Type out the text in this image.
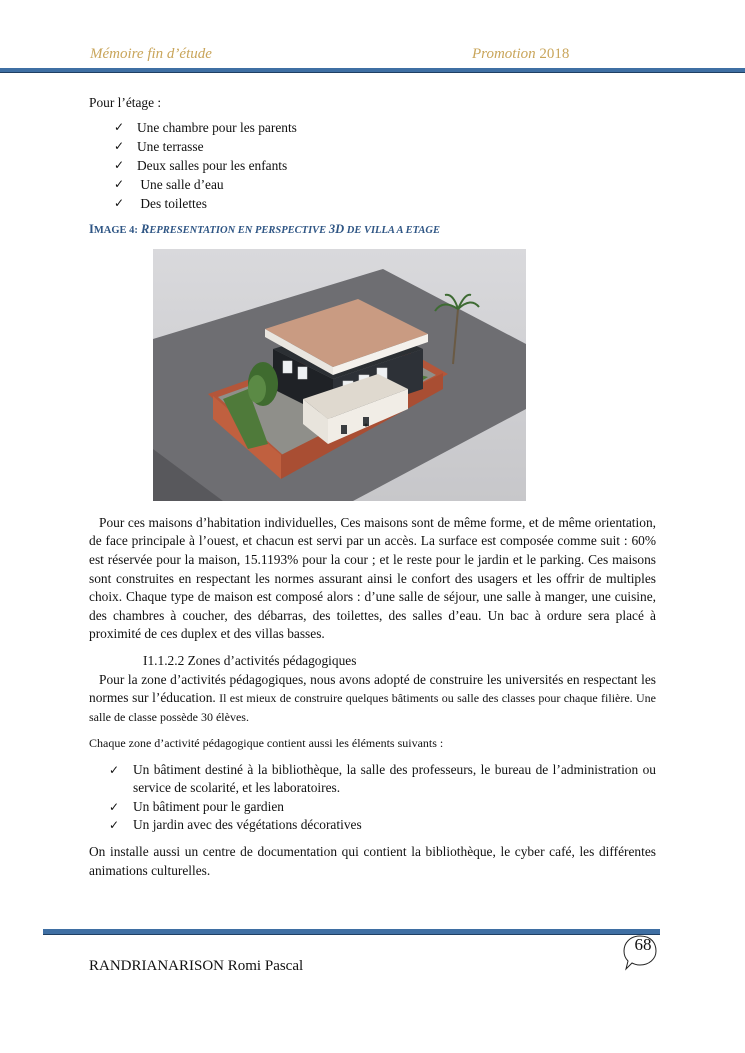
Mémoire fin d’étude	Promotion 2018

Pour l’étage :

✓ Une chambre pour les parents
✓ Une terrasse
✓ Deux salles pour les enfants
✓  Une salle d’eau
✓  Des toilettes

IMAGE 4: REPRESENTATION EN PERSPECTIVE 3D DE VILLA A ETAGE

Pour ces maisons d’habitation individuelles, Ces maisons sont de même forme, et de même orientation, de face principale à l’ouest, et chacun est servi par un accès. La surface est composée comme suit : 60% est réservée pour la maison, 15.1193% pour la cour ; et le reste pour le jardin et le parking. Ces maisons sont construites en respectant les normes assurant ainsi le confort des usagers et les offrir de multiples choix. Chaque type de maison est composé alors : d’une salle de séjour, une salle à manger, une cuisine, des chambres à coucher, des débarras, des toilettes, des salles d’eau. Un bac à ordure sera placé à proximité de ces duplex et des villas basses.

I1.1.2.2 Zones d’activités pédagogiques

Pour la zone d’activités pédagogiques, nous avons adopté de construire les universités en respectant les normes sur l’éducation. Il est mieux de construire quelques bâtiments ou salle des classes pour chaque filière. Une salle de classe possède 30 élèves.

Chaque zone d’activité pédagogique contient aussi les éléments suivants :

✓ Un bâtiment destiné à la bibliothèque, la salle des professeurs, le bureau de l’administration ou service de scolarité, et les laboratoires.
✓ Un bâtiment pour le gardien
✓ Un jardin avec des végétations décoratives

On installe aussi un centre de documentation qui contient la bibliothèque, le cyber café, les différentes animations culturelles.

68
RANDRIANARISON Romi Pascal
